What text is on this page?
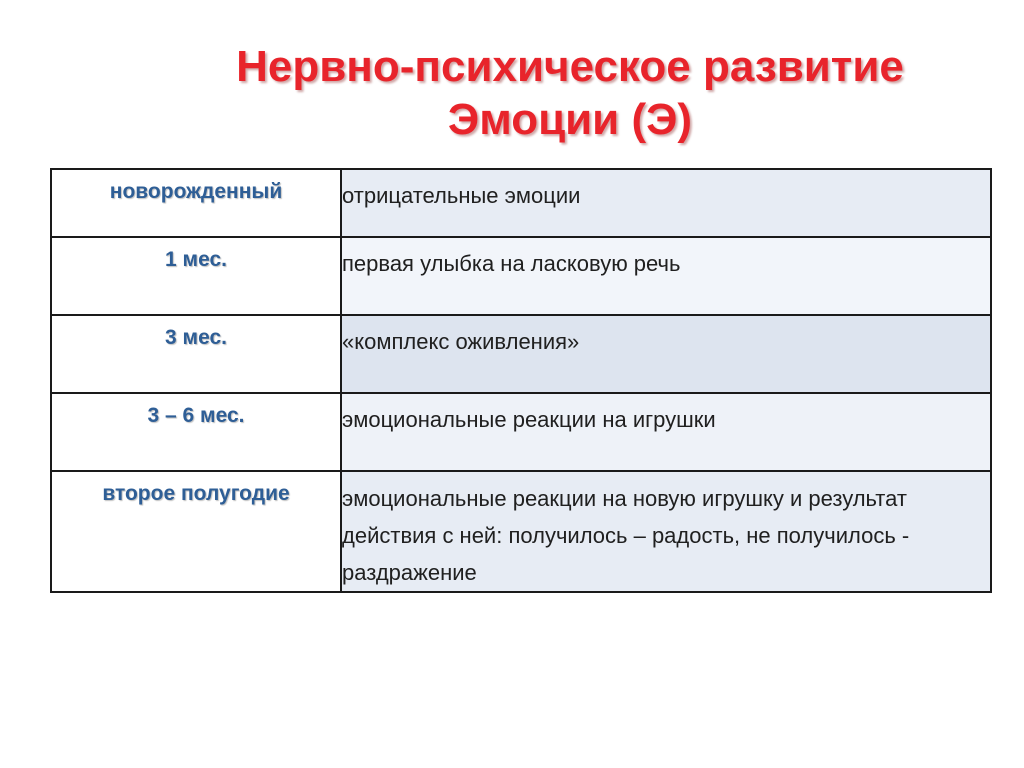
Нервно-психическое развитие
Эмоции (Э)
новорожденный	отрицательные эмоции

1 мес.	первая улыбка на ласковую речь

3 мес.	«комплекс оживления»

3 – 6 мес.	эмоциональные реакции на игрушки

второе полугодие	эмоциональные реакции на новую игрушку и результат действия с ней: получилось – радость, не получилось - раздражение
